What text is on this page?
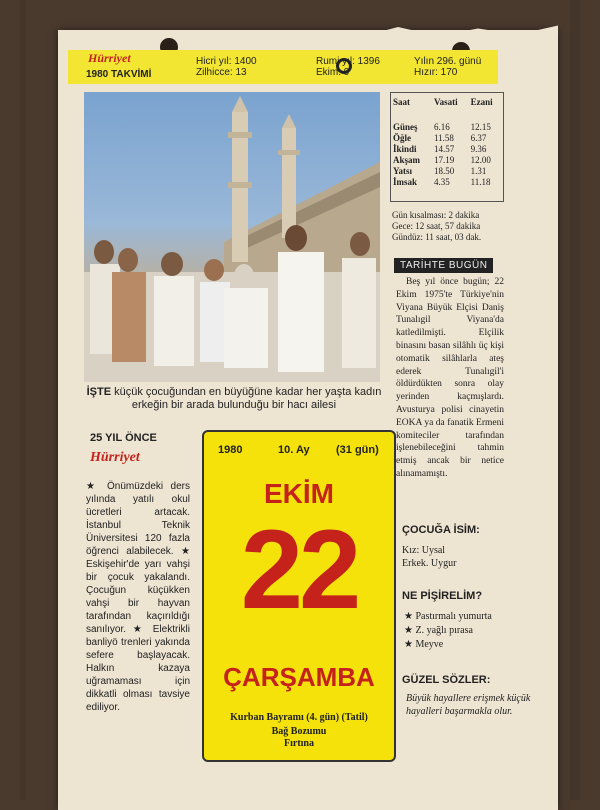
Hürriyet
1980 TAKVİMİ
Hicri yıl: 1400
Zilhicce: 13
Rumi yıl: 1396
Ekim: 9
Yılın 296. günü
Hızır: 170
İŞTE küçük çocuğundan en büyüğüne kadar her yaşta kadın erkeğin bir arada bulunduğu bir hacı ailesi
Saat	Vasati	Ezani
Güneş	6.16	12.15
Öğle	11.58	6.37
İkindi	14.57	9.36
Akşam	17.19	12.00
Yatsı	18.50	1.31
İmsak	4.35	11.18
Gün kısalması: 2 dakika
Gece: 12 saat, 57 dakika
Gündüz: 11 saat, 03 dak.
TARİHTE BUGÜN
Beş yıl önce bugün; 22 Ekim 1975'te Türkiye'nin Viyana Büyük Elçisi Daniş Tunalıgil Viyana'da katledilmişti. Elçilik binasını basan silâhlı üç kişi otomatik silâhlarla ateş ederek Tunalıgil'i öldürdükten sonra olay yerinden kaçmışlardı. Avusturya polisi cinayetin EOKA ya da fanatik Ermeni komiteciler tarafından işlenebileceğini tahmin etmiş ancak bir netice alınamamıştı.
ÇOCUĞA İSİM:
Kız: Uysal
Erkek. Uygur
NE PİŞİRELİM?
★ Pastırmalı yumurta
★ Z. yağlı pırasa
★ Meyve
GÜZEL SÖZLER:
Büyük hayallere erişmek küçük hayalleri başarmakla olur.
25 YIL ÖNCE
Hürriyet
★ Önümüzdeki ders yılında yatılı okul ücretleri artacak. İstanbul Teknik Üniversitesi 120 fazla öğrenci alabilecek. ★ Eskişehir'de yarı vahşi bir çocuk yakalandı. Çocuğun küçükken vahşi bir hayvan tarafından kaçırıldığı sanılıyor. ★ Elektrikli banliyö trenleri yakında sefere başlayacak. Halkın kazaya uğramaması için dikkatli olması tavsiye ediliyor.
1980	10. Ay (31 gün)
EKİM
22
ÇARŞAMBA
Kurban Bayramı (4. gün) (Tatil)
Bağ Bozumu
Fırtına
